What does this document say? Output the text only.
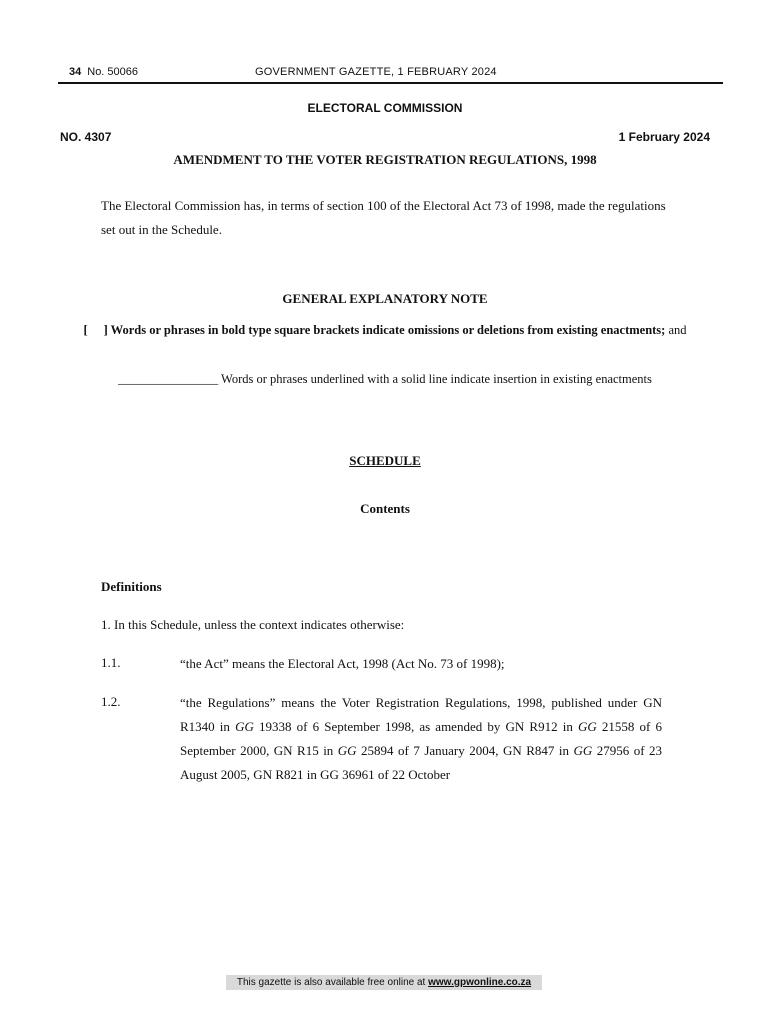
34 No. 50066	GOVERNMENT GAZETTE, 1 FEBRUARY 2024
ELECTORAL COMMISSION
NO. 4307	1 February 2024
AMENDMENT TO THE VOTER REGISTRATION REGULATIONS, 1998
The Electoral Commission has, in terms of section 100 of the Electoral Act 73 of 1998, made the regulations set out in the Schedule.
GENERAL EXPLANATORY NOTE
[ ] Words or phrases in bold type square brackets indicate omissions or deletions from existing enactments; and
________________ Words or phrases underlined with a solid line indicate insertion in existing enactments
SCHEDULE
Contents
Definitions
1. In this Schedule, unless the context indicates otherwise:
1.1.	“the Act” means the Electoral Act, 1998 (Act No. 73 of 1998);
1.2.	“the Regulations” means the Voter Registration Regulations, 1998, published under GN R1340 in GG 19338 of 6 September 1998, as amended by GN R912 in GG 21558 of 6 September 2000, GN R15 in GG 25894 of 7 January 2004, GN R847 in GG 27956 of 23 August 2005, GN R821 in GG 36961 of 22 October
This gazette is also available free online at www.gpwonline.co.za
